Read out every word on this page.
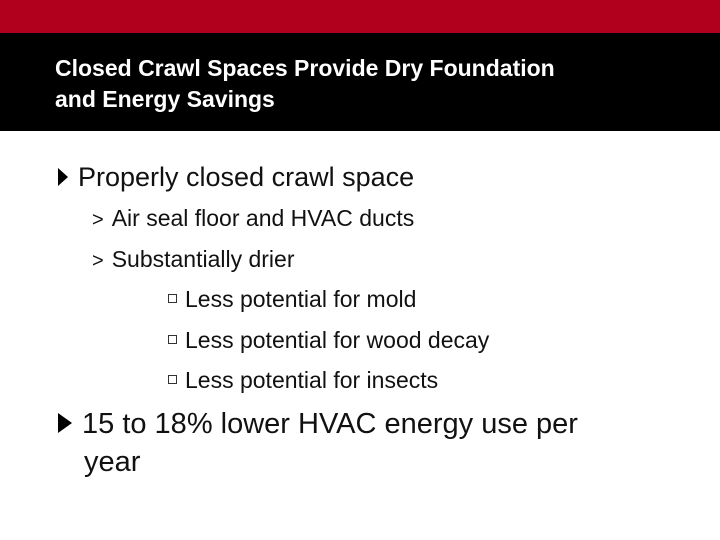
Closed Crawl Spaces Provide Dry Foundation
and Energy Savings
Properly closed crawl space
> Air seal floor and HVAC ducts
> Substantially drier
Less potential for mold
Less potential for wood decay
Less potential for insects
15 to 18% lower HVAC energy use per
year
